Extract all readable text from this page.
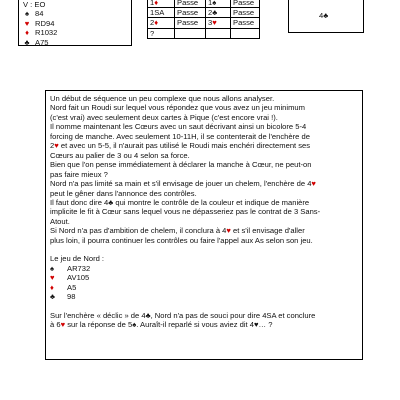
V : EO

♠ 84
♥ RD94
♦ R1032
♣ A75
1♦	Passe	1♠	Passe
1SA	Passe	2♣	Passe
2♦	Passe	3♥	Passe
?			
4♣

Un début de séquence un peu complexe que nous allons analyser.

Nord fait un Roudi sur lequel vous répondez que vous avez un jeu minimum

(c'est vrai) avec seulement deux cartes à Pique (c'est encore vrai !).

Il nomme maintenant les Cœurs avec un saut décrivant ainsi un bicolore 5-4

forcing de manche. Avec seulement 10-11H, il se contenterait de l'enchère de

2♥ et avec un 5-5, il n'aurait pas utilisé le Roudi mais enchéri directement ses

Cœurs au palier de 3 ou 4 selon sa force.

Bien que l'on pense immédiatement à déclarer la manche à Cœur, ne peut-on

pas faire mieux ?

Nord n'a pas limité sa main et s'il envisage de jouer un chelem, l'enchère de 4♥

peut le gêner dans l'annonce des contrôles.

Il faut donc dire 4♣ qui montre le contrôle de la couleur et indique de manière

implicite le fit à Cœur sans lequel vous ne dépasseriez pas le contrat de 3 Sans-

Atout.

Si Nord n'a pas d'ambition de chelem, il conclura à 4♥ et s'il envisage d'aller

plus loin, il pourra continuer les contrôles ou faire l'appel aux As selon son jeu.

Le jeu de Nord :

♠	AR732
♥	AV105
♦	A5
♣	98

Sur l'enchère « déclic » de 4♣, Nord n'a pas de souci pour dire 4SA et conclure

à 6♥ sur la réponse de 5♠. Auraît-il reparlé si vous aviez dit 4♥… ?
